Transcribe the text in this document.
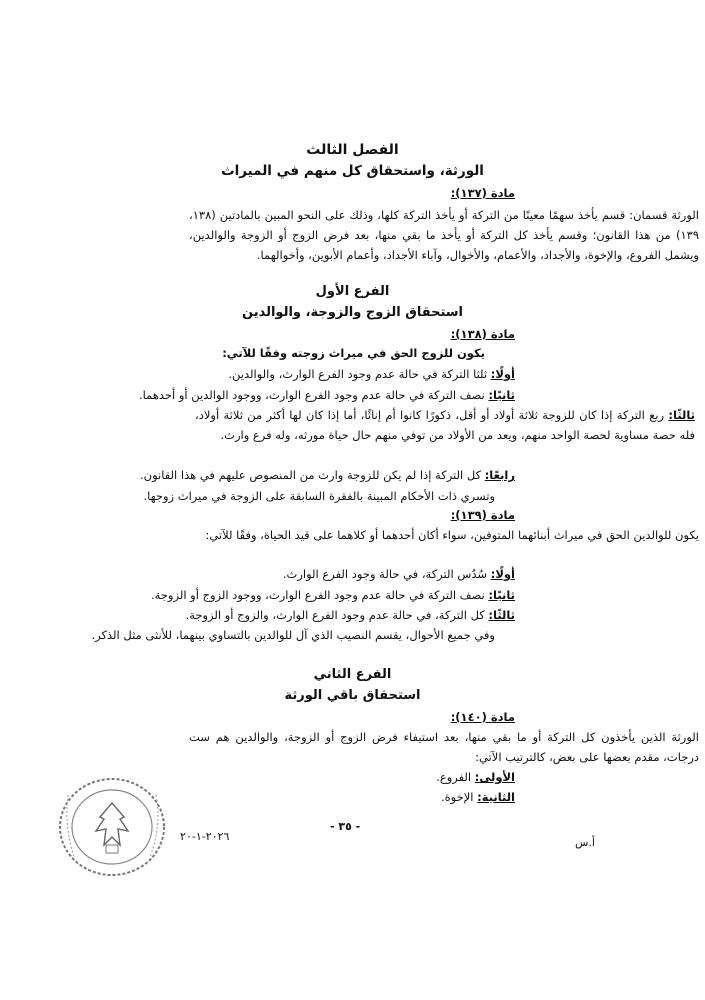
الفصل الثالث
الورثة، واستحقاق كل منهم في الميراث
مادة (١٣٧):
الورثة قسمان: قسم يأخذ سهمًا معينًا من التركة أو يأخذ التركة كلها، وذلك على النحو المبين بالمادتين (١٣٨، ١٣٩) من هذا القانون؛ وقسم يأخذ كل التركة أو يأخذ ما بقي منها، بعد فرض الزوج أو الزوجة والوالدين، ويشمل الفروع، والإخوة، والأجداد، والأعمام، والأخوال، وآباء الأجداد، وأعمام الأبوين، وأخوالهما.
الفرع الأول
استحقاق الزوج والزوجة، والوالدين
مادة (١٣٨):
يكون للزوج الحق في ميراث زوجته وفقًا للآتي:
أولًا: ثلثا التركة في حالة عدم وجود الفرع الوارث، والوالدين.
ثانيًا: نصف التركة في حالة عدم وجود الفرع الوارث، ووجود الوالدين أو أحدهما.
ثالثًا: ربع التركة إذا كان للزوجة ثلاثة أولاد أو أقل، ذكورًا كانوا أم إناثًا، أما إذا كان لها أكثر من ثلاثة أولاد، فله حصة مساوية لحصة الواحد منهم، ويعد من الأولاد من توفي منهم حال حياة مورثه، وله فرع وارث.
رابعًا: كل التركة إذا لم يكن للزوجة وارث من المنصوص عليهم في هذا القانون.
وتسري ذات الأحكام المبينة بالفقرة السابقة على الزوجة في ميراث زوجها.
مادة (١٣٩):
يكون للوالدين الحق في ميراث أبنائهما المتوفين، سواء أكان أحدهما أو كلاهما على قيد الحياة، وفقًا للآتي:
أولًا: سُدُس التركة، في حالة وجود الفرع الوارث.
ثانيًا: نصف التركة في حالة عدم وجود الفرع الوارث، ووجود الزوج أو الزوجة.
ثالثًا: كل التركة، في حالة عدم وجود الفرع الوارث، والزوج أو الزوجة.
وفي جميع الأحوال، يقسم النصيب الذي آل للوالدين بالتساوي بينهما، للأنثى مثل الذكر.
الفرع الثاني
استحقاق باقي الورثة
مادة (١٤٠):
الورثة الذين يأخذون كل التركة أو ما بقي منها، بعد استيفاء فرض الزوج أو الزوجة، والوالدين هم ست درجات، مقدم بعضها على بعض، كالترتيب الآتي:
الأولى: الفروع.
الثانية: الإخوة.
- ٣٥ -
٢٠٢٦-١-٢٠	أ.س
